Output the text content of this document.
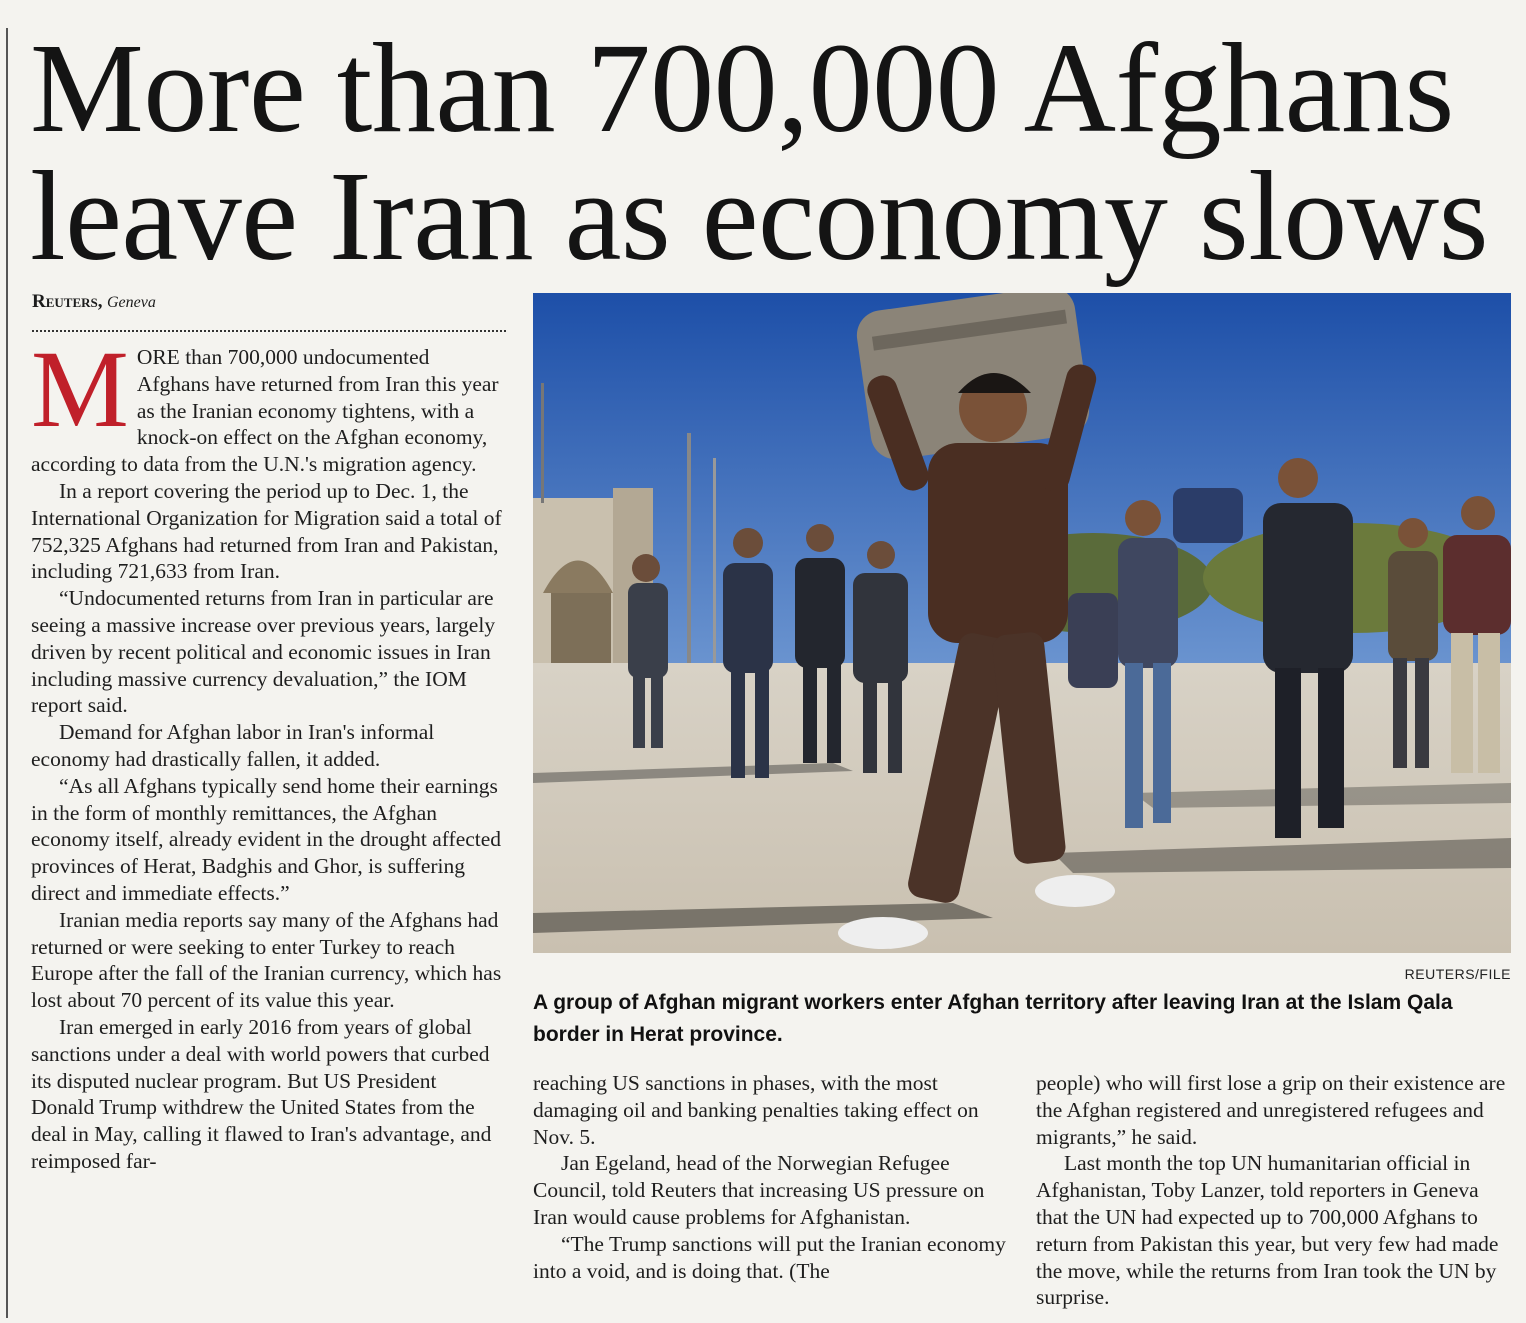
More than 700,000 Afghans
leave Iran as economy slows
Reuters, Geneva

MORE than 700,000 undocumented Afghans have returned from Iran this year as the Iranian economy tightens, with a knock-on effect on the Afghan economy, according to data from the U.N.'s migration agency.

In a report covering the period up to Dec. 1, the International Organization for Migration said a total of 752,325 Afghans had returned from Iran and Pakistan, including 721,633 from Iran.

“Undocumented returns from Iran in particular are seeing a massive increase over previous years, largely driven by recent political and economic issues in Iran including massive currency devaluation,” the IOM report said.

Demand for Afghan labor in Iran's informal economy had drastically fallen, it added.

“As all Afghans typically send home their earnings in the form of monthly remittances, the Afghan economy itself, already evident in the drought affected provinces of Herat, Badghis and Ghor, is suffering direct and immediate effects.”

Iranian media reports say many of the Afghans had returned or were seeking to enter Turkey to reach Europe after the fall of the Iranian currency, which has lost about 70 percent of its value this year.

Iran emerged in early 2016 from years of global sanctions under a deal with world powers that curbed its disputed nuclear program. But US President Donald Trump withdrew the United States from the deal in May, calling it flawed to Iran's advantage, and reimposed far-

REUTERS/FILE
A group of Afghan migrant workers enter Afghan territory after leaving Iran at the Islam Qala border in Herat province.

reaching US sanctions in phases, with the most damaging oil and banking penalties taking effect on Nov. 5.

Jan Egeland, head of the Norwegian Refugee Council, told Reuters that increasing US pressure on Iran would cause problems for Afghanistan.

“The Trump sanctions will put the Iranian economy into a void, and is doing that. (The

people) who will first lose a grip on their existence are the Afghan registered and unregistered refugees and migrants,” he said.

Last month the top UN humanitarian official in Afghanistan, Toby Lanzer, told reporters in Geneva that the UN had expected up to 700,000 Afghans to return from Pakistan this year, but very few had made the move, while the returns from Iran took the UN by surprise.
